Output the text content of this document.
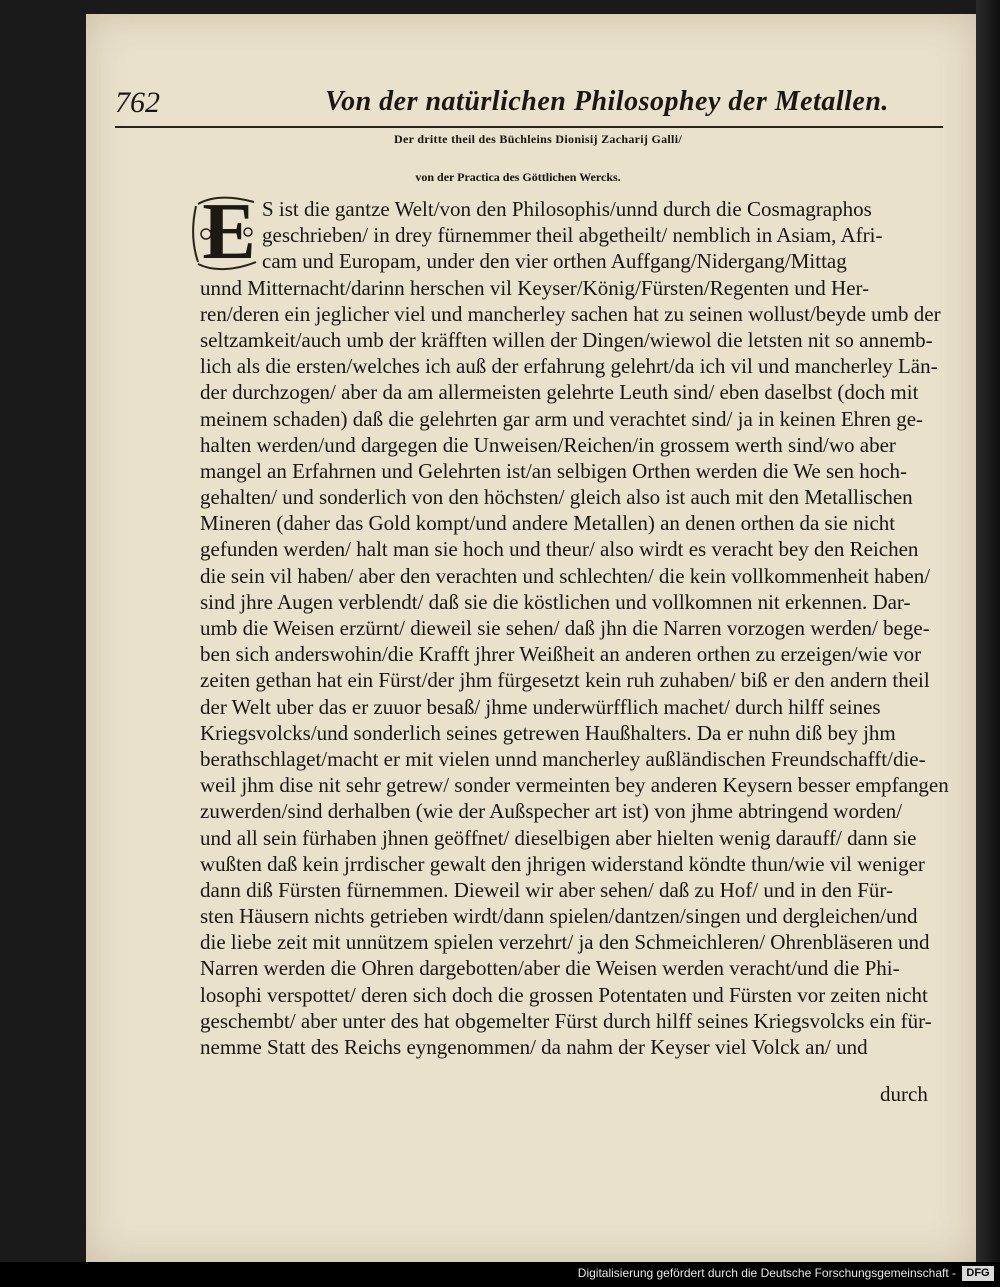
762	Von der natürlichen Philosophey der Metallen.
Der dritte theil des Büchleins Dionisij Zacharij Galli/
von der Practica des Göttlichen Wercks.
E S ist die gantze Welt/von den Philosophis/unnd durch die Cosmagraphos
geschrieben/ in drey fürnemmer theil abgetheilt/ nemblich in Asiam, Afri-
cam und Europam, under den vier orthen Auffgang/Nidergang/Mittag
unnd Mitternacht/darinn herschen vil Keyser/König/Fürsten/Regenten und Her-
ren/deren ein jeglicher viel und mancherley sachen hat zu seinen wollust/beyde umb der
seltzamkeit/auch umb der kräfften willen der Dingen/wiewol die letsten nit so annemb-
lich als die ersten/welches ich auß der erfahrung gelehrt/da ich vil und mancherley Län-
der durchzogen/ aber da am allermeisten gelehrte Leuth sind/ eben daselbst (doch mit
meinem schaden) daß die gelehrten gar arm und verachtet sind/ ja in keinen Ehren ge-
halten werden/und dargegen die Unweisen/Reichen/in grossem werth sind/wo aber
mangel an Erfahrnen und Gelehrten ist/an selbigen Orthen werden die We sen hoch-
gehalten/ und sonderlich von den höchsten/ gleich also ist auch mit den Metallischen
Mineren (daher das Gold kompt/und andere Metallen) an denen orthen da sie nicht
gefunden werden/ halt man sie hoch und theur/ also wirdt es veracht bey den Reichen
die sein vil haben/ aber den verachten und schlechten/ die kein vollkommenheit haben/
sind jhre Augen verblendt/ daß sie die köstlichen und vollkomnen nit erkennen. Dar-
umb die Weisen erzürnt/ dieweil sie sehen/ daß jhn die Narren vorzogen werden/ bege-
ben sich anderswohin/die Krafft jhrer Weißheit an anderen orthen zu erzeigen/wie vor
zeiten gethan hat ein Fürst/der jhm fürgesetzt kein ruh zuhaben/ biß er den andern theil
der Welt uber das er zuuor besaß/ jhme underwürfflich machet/ durch hilff seines
Kriegsvolcks/und sonderlich seines getrewen Haußhalters. Da er nuhn diß bey jhm
berathschlaget/macht er mit vielen unnd mancherley außländischen Freundschafft/die-
weil jhm dise nit sehr getrew/ sonder vermeinten bey anderen Keysern besser empfangen
zuwerden/sind derhalben (wie der Außspecher art ist) von jhme abtringend worden/
und all sein fürhaben jhnen geöffnet/ dieselbigen aber hielten wenig darauff/ dann sie
wußten daß kein jrrdischer gewalt den jhrigen widerstand köndte thun/wie vil weniger
dann diß Fürsten fürnemmen. Dieweil wir aber sehen/ daß zu Hof/ und in den Für-
sten Häusern nichts getrieben wirdt/dann spielen/dantzen/singen und dergleichen/und
die liebe zeit mit unnützem spielen verzehrt/ ja den Schmeichleren/ Ohrenbläseren und
Narren werden die Ohren dargebotten/aber die Weisen werden veracht/und die Phi-
losophi verspottet/ deren sich doch die grossen Potentaten und Fürsten vor zeiten nicht
geschembt/ aber unter des hat obgemelter Fürst durch hilff seines Kriegsvolcks ein für-
nemme Statt des Reichs eyngenommen/ da nahm der Keyser viel Volck an/ und
durch
Digitalisierung gefördert durch die Deutsche Forschungsgemeinschaft - DFG
